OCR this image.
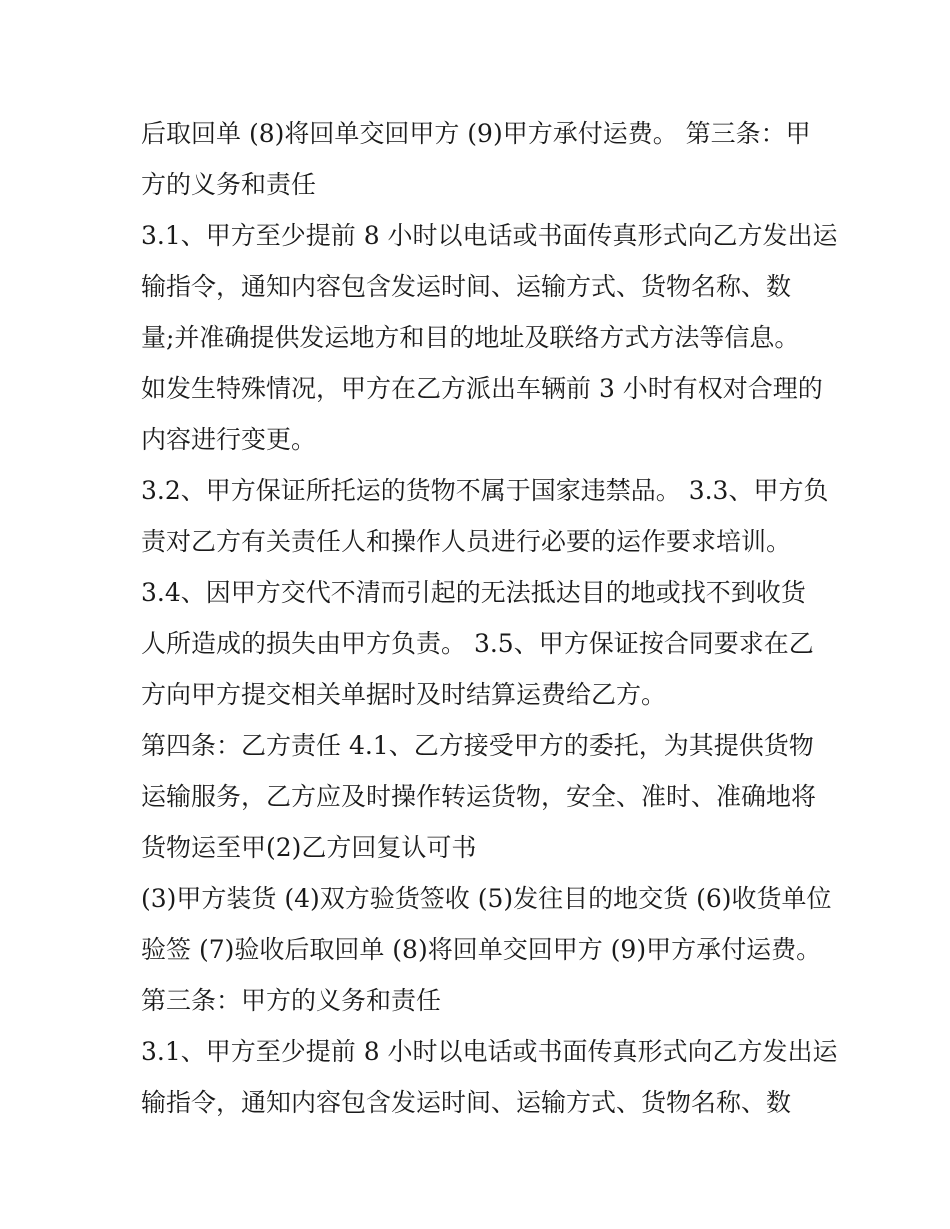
后取回单 (8)将回单交回甲方 (9)甲方承付运费。 第三条：甲
方的义务和责任
3.1、甲方至少提前 8 小时以电话或书面传真形式向乙方发出运
输指令，通知内容包含发运时间、运输方式、货物名称、数
量;并准确提供发运地方和目的地址及联络方式方法等信息。
如发生特殊情况，甲方在乙方派出车辆前 3 小时有权对合理的
内容进行变更。
3.2、甲方保证所托运的货物不属于国家违禁品。 3.3、甲方负
责对乙方有关责任人和操作人员进行必要的运作要求培训。
3.4、因甲方交代不清而引起的无法抵达目的地或找不到收货
人所造成的损失由甲方负责。 3.5、甲方保证按合同要求在乙
方向甲方提交相关单据时及时结算运费给乙方。
第四条：乙方责任 4.1、乙方接受甲方的委托，为其提供货物
运输服务，乙方应及时操作转运货物，安全、准时、准确地将
货物运至甲(2)乙方回复认可书
(3)甲方装货 (4)双方验货签收 (5)发往目的地交货 (6)收货单位
验签 (7)验收后取回单 (8)将回单交回甲方 (9)甲方承付运费。
第三条：甲方的义务和责任
3.1、甲方至少提前 8 小时以电话或书面传真形式向乙方发出运
输指令，通知内容包含发运时间、运输方式、货物名称、数
